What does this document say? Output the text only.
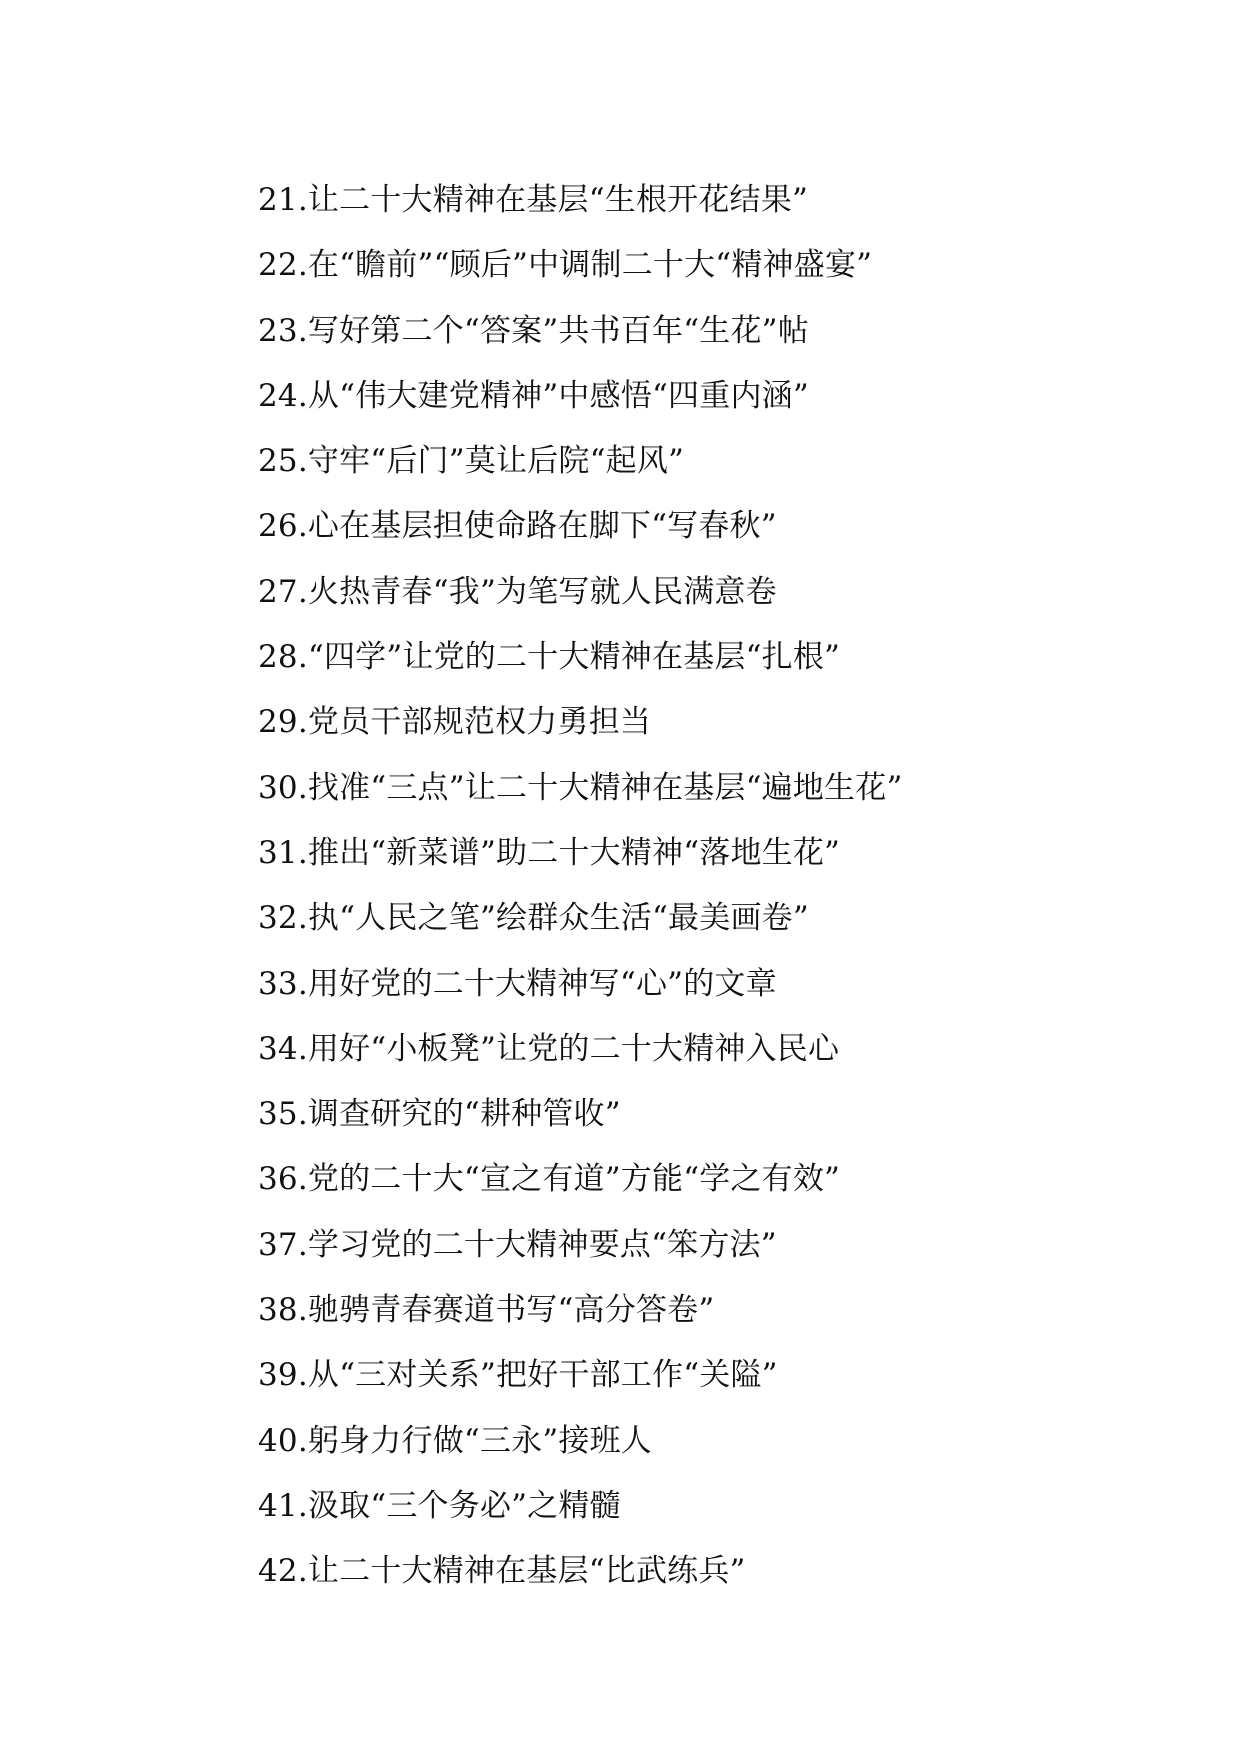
21.让二十大精神在基层“生根开花结果”
22.在“瞻前”“顾后”中调制二十大“精神盛宴”
23.写好第二个“答案”共书百年“生花”帖
24.从“伟大建党精神”中感悟“四重内涵”
25.守牢“后门”莫让后院“起风”
26.心在基层担使命路在脚下“写春秋”
27.火热青春“我”为笔写就人民满意卷
28.“四学”让党的二十大精神在基层“扎根”
29.党员干部规范权力勇担当
30.找准“三点”让二十大精神在基层“遍地生花”
31.推出“新菜谱”助二十大精神“落地生花”
32.执“人民之笔”绘群众生活“最美画卷”
33.用好党的二十大精神写“心”的文章
34.用好“小板凳”让党的二十大精神入民心
35.调查研究的“耕种管收”
36.党的二十大“宣之有道”方能“学之有效”
37.学习党的二十大精神要点“笨方法”
38.驰骋青春赛道书写“高分答卷”
39.从“三对关系”把好干部工作“关隘”
40.躬身力行做“三永”接班人
41.汲取“三个务必”之精髓
42.让二十大精神在基层“比武练兵”
